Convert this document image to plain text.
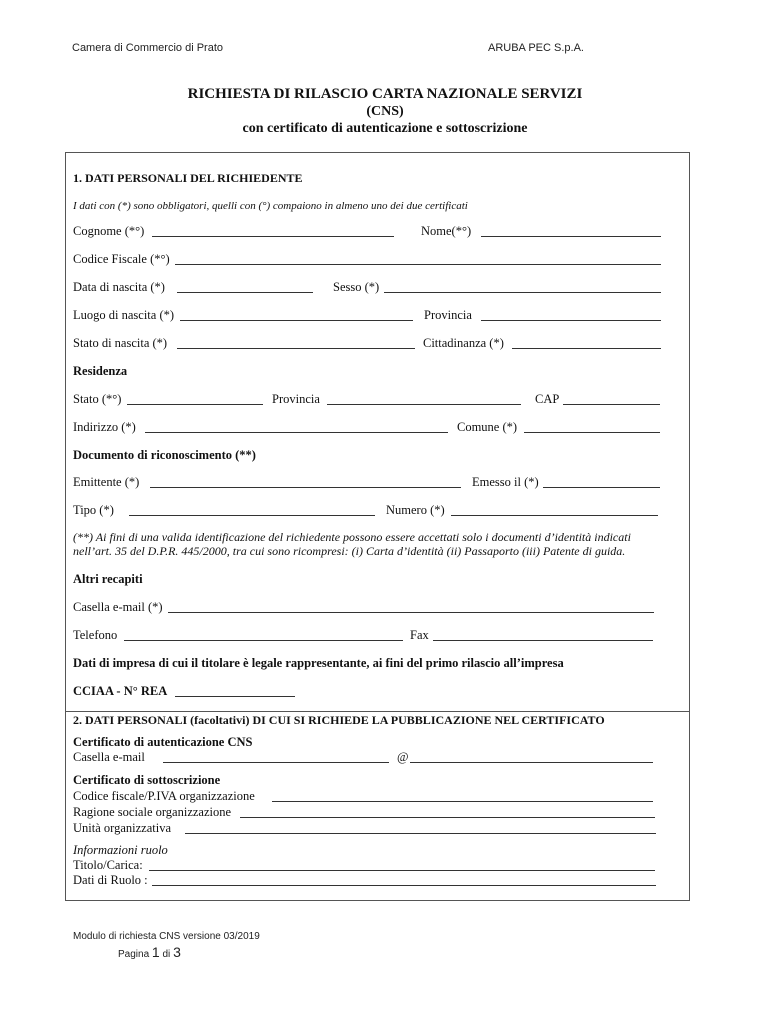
Camera di Commercio di Prato	ARUBA PEC S.p.A.
RICHIESTA DI RILASCIO CARTA NAZIONALE SERVIZI
(CNS)
con certificato di autenticazione e sottoscrizione
1. DATI PERSONALI DEL RICHIEDENTE
I dati con (*) sono obbligatori, quelli con (°) compaiono in almeno uno dei due certificati
Cognome (*°)	Nome(*°)
Codice Fiscale (*°)
Data di nascita (*)	Sesso (*)
Luogo di nascita (*)	Provincia
Stato di nascita (*)	Cittadinanza (*)
Residenza
Stato (*°)	Provincia	CAP
Indirizzo (*)	Comune (*)
Documento di riconoscimento (**)
Emittente (*)	Emesso il (*)
Tipo (*)	Numero (*)
(**) Ai fini di una valida identificazione del richiedente possono essere accettati solo i documenti d’identità indicati
nell’art. 35 del D.P.R. 445/2000, tra cui sono ricompresi: (i) Carta d’identità (ii) Passaporto (iii) Patente di guida.
Altri recapiti
Casella e-mail (*)
Telefono	Fax
Dati di impresa di cui il titolare è legale rappresentante, ai fini del primo rilascio all’impresa
CCIAA - N° REA
2. DATI PERSONALI (facoltativi) DI CUI SI RICHIEDE LA PUBBLICAZIONE NEL CERTIFICATO
Certificato di autenticazione CNS
Casella e-mail	@
Certificato di sottoscrizione
Codice fiscale/P.IVA organizzazione
Ragione sociale organizzazione
Unità organizzativa
Informazioni ruolo
Titolo/Carica:
Dati di Ruolo :
Modulo di richiesta CNS versione 03/2019
Pagina 1 di 3
